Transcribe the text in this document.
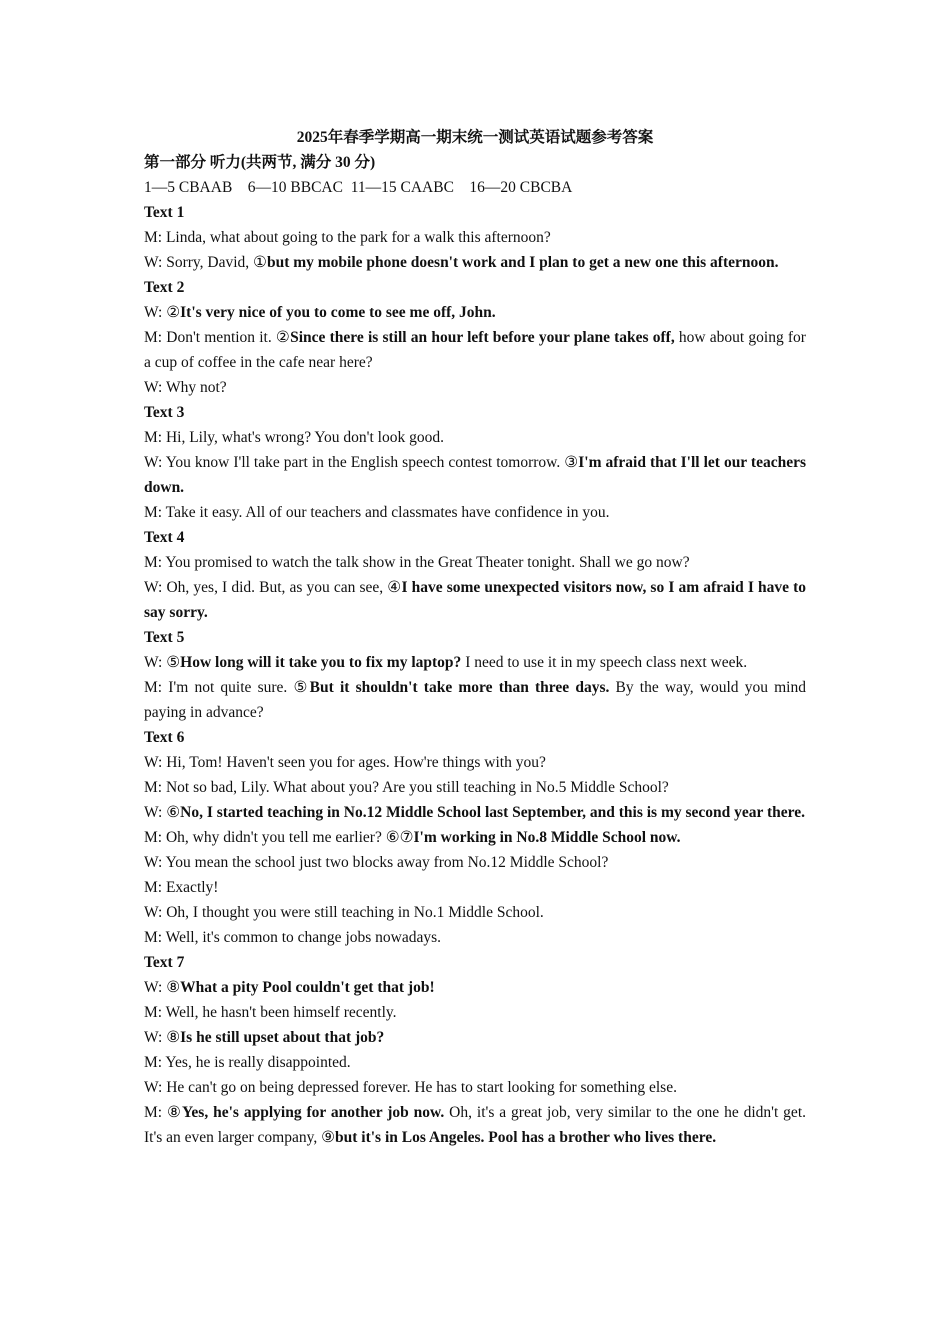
2025年春季学期高一期末统一测试英语试题参考答案

第一部分 听力(共两节, 满分 30 分)

1—5 CBAAB    6—10 BBCAC  11—15 CAABC    16—20 CBCBA

Text 1

M: Linda, what about going to the park for a walk this afternoon?

W: Sorry, David, ①but my mobile phone doesn't work and I plan to get a new one this afternoon.

Text 2

W: ②It's very nice of you to come to see me off, John.

M: Don't mention it. ②Since there is still an hour left before your plane takes off, how about going for a cup of coffee in the cafe near here?

W: Why not?

Text 3

M: Hi, Lily, what's wrong? You don't look good.

W: You know I'll take part in the English speech contest tomorrow. ③I'm afraid that I'll let our teachers down.

M: Take it easy. All of our teachers and classmates have confidence in you.

Text 4

M: You promised to watch the talk show in the Great Theater tonight. Shall we go now?

W: Oh, yes, I did. But, as you can see, ④I have some unexpected visitors now, so I am afraid I have to say sorry.

Text 5

W: ⑤How long will it take you to fix my laptop? I need to use it in my speech class next week.

M: I'm not quite sure. ⑤But it shouldn't take more than three days. By the way, would you mind paying in advance?

Text 6

W: Hi, Tom! Haven't seen you for ages. How're things with you?

M: Not so bad, Lily. What about you? Are you still teaching in No.5 Middle School?

W: ⑥No, I started teaching in No.12 Middle School last September, and this is my second year there.

M: Oh, why didn't you tell me earlier? ⑥⑦I'm working in No.8 Middle School now.

W: You mean the school just two blocks away from No.12 Middle School?

M: Exactly!

W: Oh, I thought you were still teaching in No.1 Middle School.

M: Well, it's common to change jobs nowadays.

Text 7

W: ⑧What a pity Pool couldn't get that job!

M: Well, he hasn't been himself recently.

W: ⑧Is he still upset about that job?

M: Yes, he is really disappointed.

W: He can't go on being depressed forever. He has to start looking for something else.

M: ⑧Yes, he's applying for another job now. Oh, it's a great job, very similar to the one he didn't get. It's an even larger company, ⑨but it's in Los Angeles. Pool has a brother who lives there.
